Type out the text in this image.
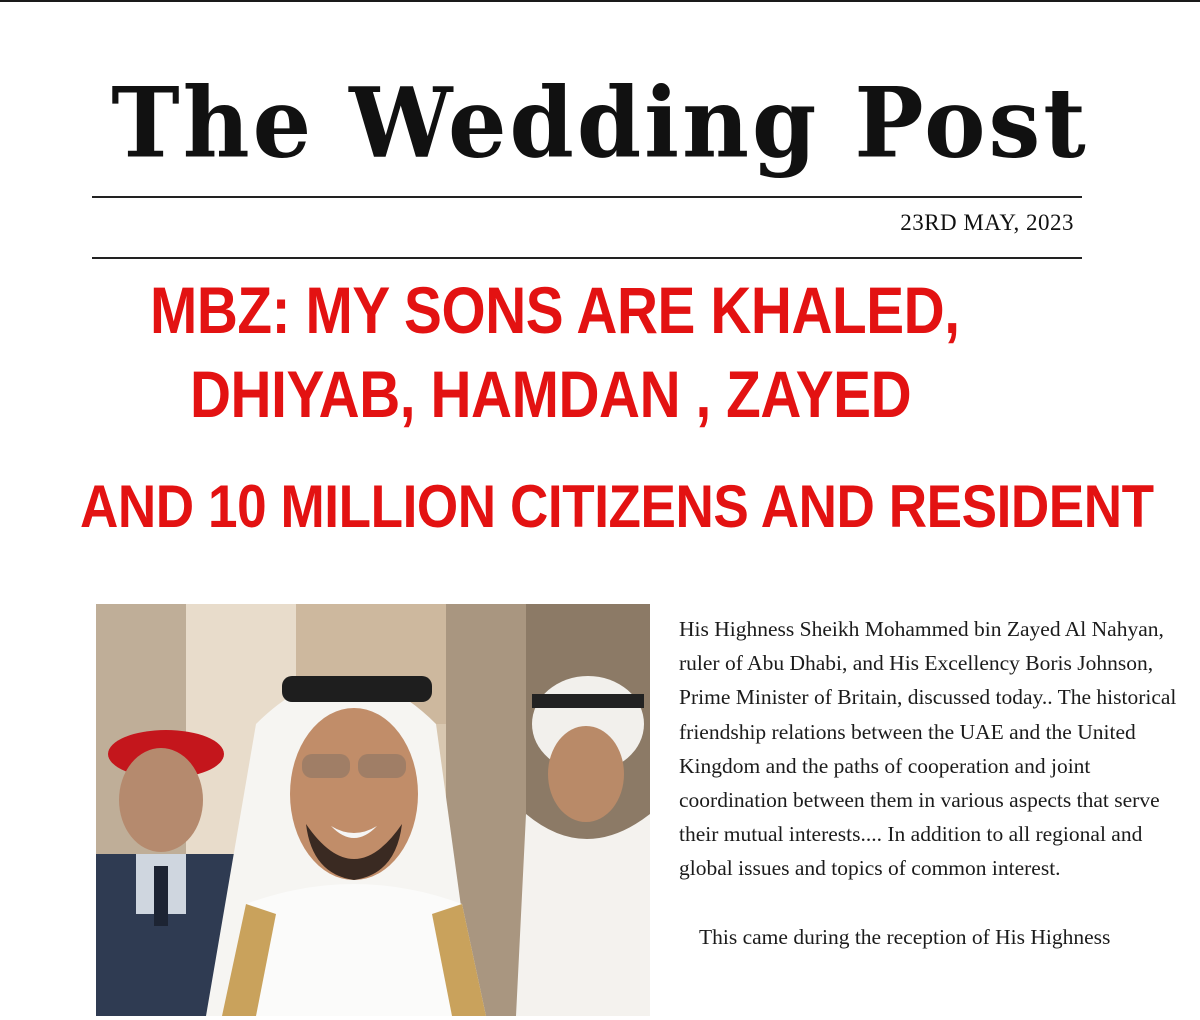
The Wedding Post
23RD MAY, 2023
MBZ: MY SONS ARE KHALED,
DHIYAB, HAMDAN , ZAYED
AND 10 MILLION CITIZENS AND RESIDENT

His Highness Sheikh Mohammed bin Zayed Al Nahyan, ruler of Abu Dhabi, and His Excellency Boris Johnson, Prime Minister of Britain, discussed today.. The historical friendship relations between the UAE and the United Kingdom and the paths of cooperation and joint coordination between them in various aspects that serve their mutual interests.... In addition to all regional and global issues and topics of common interest.

This came during the reception of His Highness
